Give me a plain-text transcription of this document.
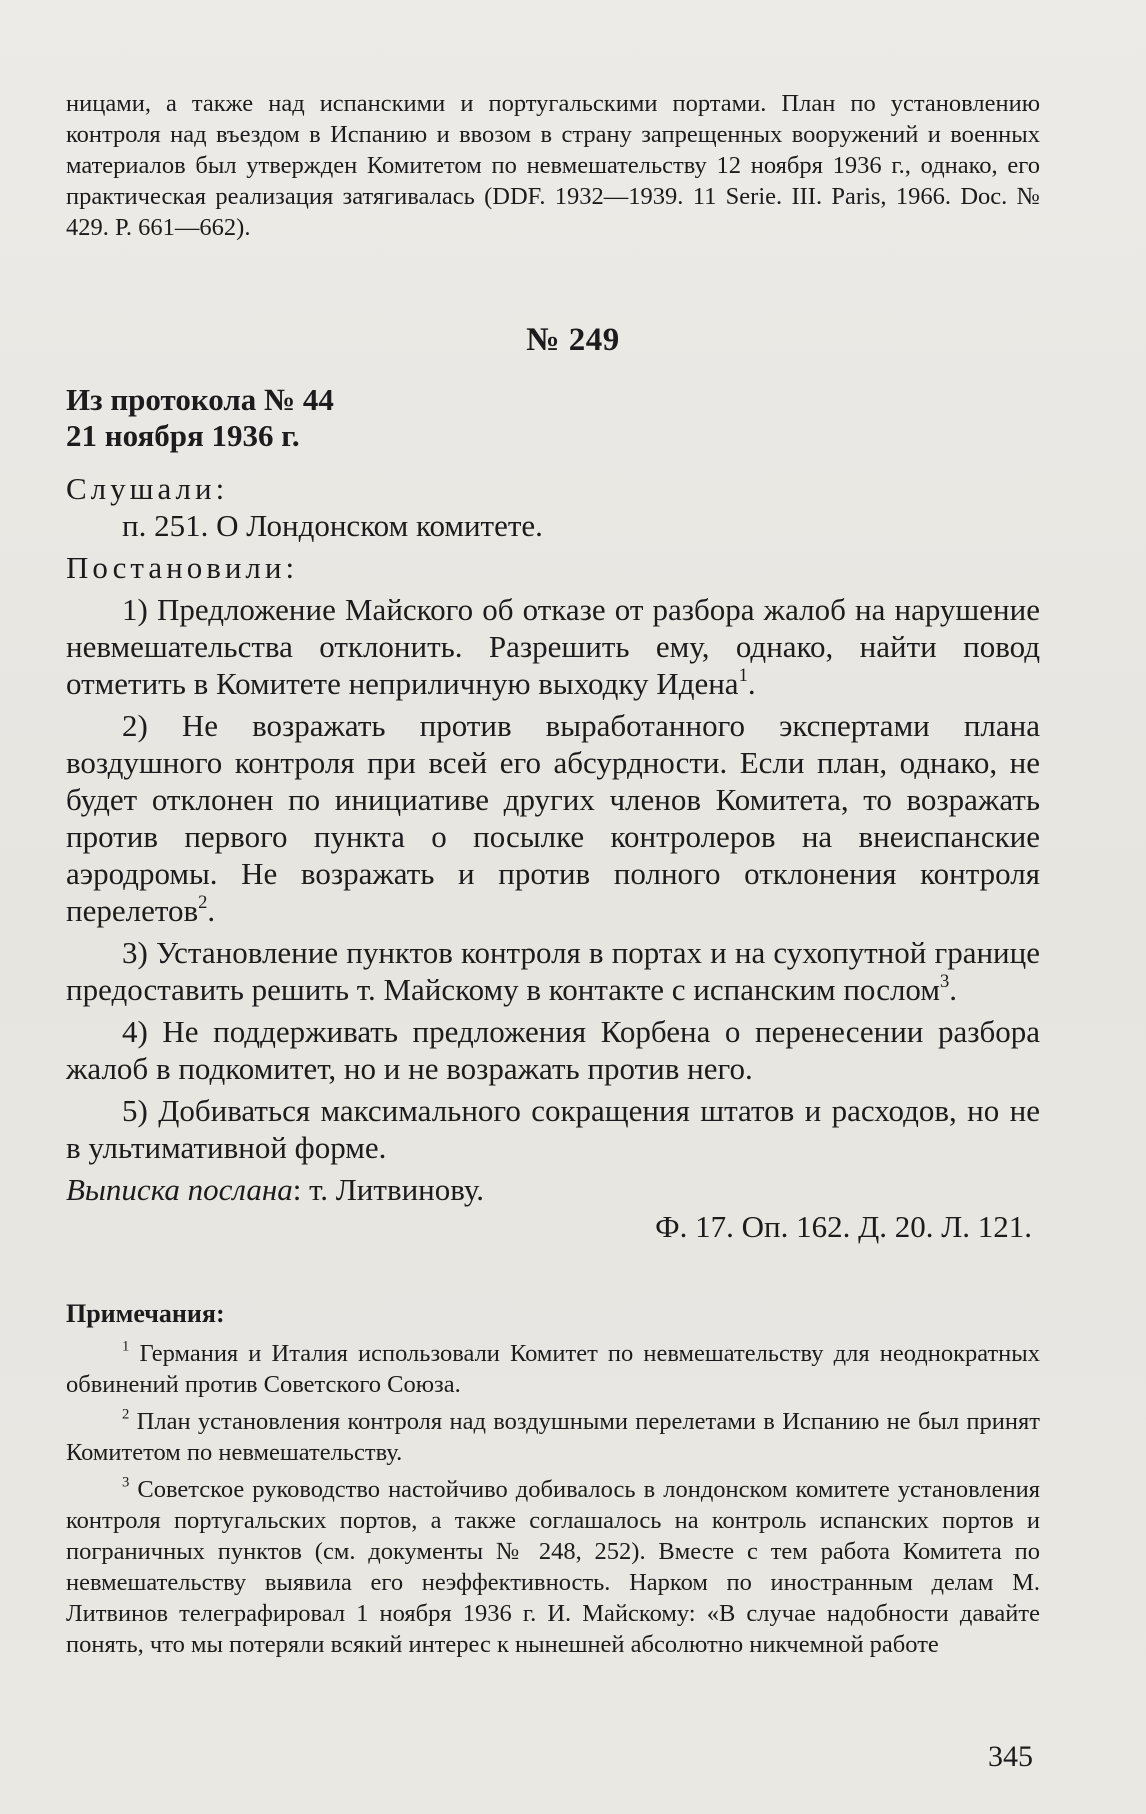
ницами, а также над испанскими и португальскими портами. План по установлению контроля над въездом в Испанию и ввозом в страну запрещенных вооружений и военных материалов был утвержден Комитетом по невмешательству 12 ноября 1936 г., однако, его практическая реализация затягивалась (DDF. 1932—1939. 11 Serie. III. Paris, 1966. Doc. № 429. P. 661—662).

№ 249
Из протокола № 44
21 ноября 1936 г.

Слушали:

п. 251. О Лондонском комитете.

Постановили:

1) Предложение Майского об отказе от разбора жалоб на нарушение невмешательства отклонить. Разрешить ему, однако, найти повод отметить в Комитете неприличную выходку Идена$^1$.

2) Не возражать против выработанного экспертами плана воздушного контроля при всей его абсурдности. Если план, однако, не будет отклонен по инициативе других членов Комитета, то возражать против первого пункта о посылке контролеров на внеиспанские аэродромы. Не возражать и против полного отклонения контроля перелетов$^2$.

3) Установление пунктов контроля в портах и на сухопутной границе предоставить решить т. Майскому в контакте с испанским послом$^3$.

4) Не поддерживать предложения Корбена о перенесении разбора жалоб в подкомитет, но и не возражать против него.

5) Добиваться максимального сокращения штатов и расходов, но не в ультимативной форме.

Выписка послана: т. Литвинову.

Ф. 17. Оп. 162. Д. 20. Л. 121.

Примечания:

$^1$ Германия и Италия использовали Комитет по невмешательству для неоднократных обвинений против Советского Союза.

$^2$ План установления контроля над воздушными перелетами в Испанию не был принят Комитетом по невмешательству.

$^3$ Советское руководство настойчиво добивалось в лондонском комитете установления контроля португальских портов, а также соглашалось на контроль испанских портов и пограничных пунктов (см. документы № 248, 252). Вместе с тем работа Комитета по невмешательству выявила его неэффективность. Нарком по иностранным делам М. Литвинов телеграфировал 1 ноября 1936 г. И. Майскому: «В случае надобности давайте понять, что мы потеряли всякий интерес к нынешней абсолютно никчемной работе

345
